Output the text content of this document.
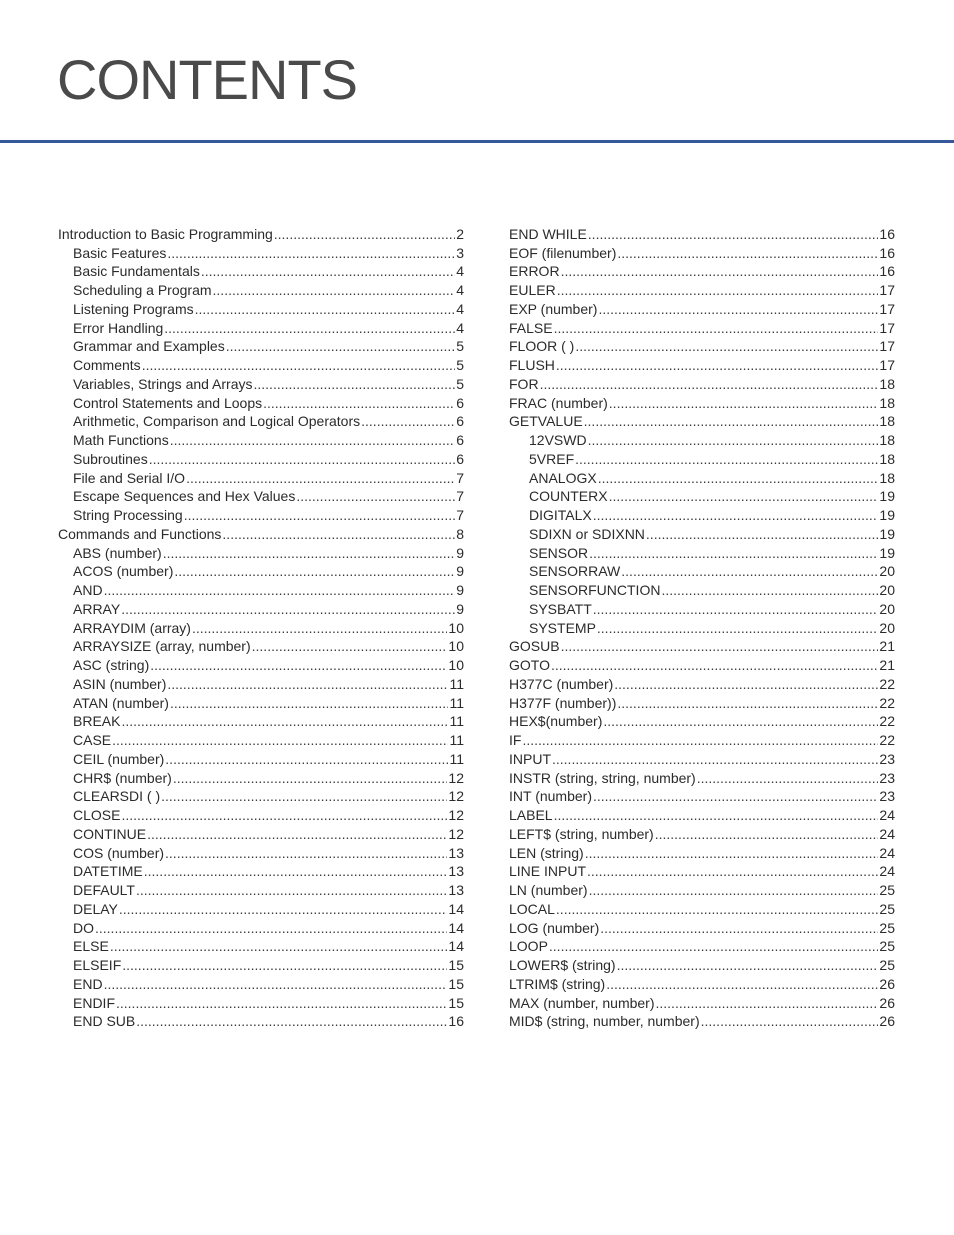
CONTENTS
Introduction to Basic Programming .....	2
Basic Features .....	3
Basic Fundamentals .....	4
Scheduling a Program .....	4
Listening Programs .....	4
Error Handling .....	4
Grammar and Examples .....	5
Comments .....	5
Variables, Strings and Arrays .....	5
Control Statements and Loops .....	6
Arithmetic, Comparison and Logical Operators .....	6
Math Functions .....	6
Subroutines .....	6
File and Serial I/O .....	7
Escape Sequences and Hex Values .....	7
String Processing .....	7
Commands and Functions .....	8
ABS (number) .....	9
ACOS (number) .....	9
AND .....	9
ARRAY .....	9
ARRAYDIM (array) .....	10
ARRAYSIZE (array, number) .....	10
ASC (string) .....	10
ASIN (number) .....	11
ATAN (number) .....	11
BREAK .....	11
CASE .....	11
CEIL (number) .....	11
CHR$ (number) .....	12
CLEARSDI ( ) .....	12
CLOSE .....	12
CONTINUE .....	12
COS (number) .....	13
DATETIME .....	13
DEFAULT .....	13
DELAY .....	14
DO .....	14
ELSE .....	14
ELSEIF .....	15
END .....	15
ENDIF .....	15
END SUB .....	16
END WHILE .....	16
EOF (filenumber) .....	16
ERROR .....	16
EULER .....	17
EXP (number) .....	17
FALSE .....	17
FLOOR ( ) .....	17
FLUSH .....	17
FOR .....	18
FRAC (number) .....	18
GETVALUE .....	18
12VSWD .....	18
5VREF .....	18
ANALOGX .....	18
COUNTERX .....	19
DIGITALX .....	19
SDIXN or SDIXNN .....	19
SENSOR .....	19
SENSORRAW .....	20
SENSORFUNCTION .....	20
SYSBATT .....	20
SYSTEMP .....	20
GOSUB .....	21
GOTO .....	21
H377C (number) .....	22
H377F (number)) .....	22
HEX$(number) .....	22
IF .....	22
INPUT .....	23
INSTR (string, string, number) .....	23
INT (number) .....	23
LABEL .....	24
LEFT$ (string, number) .....	24
LEN (string) .....	24
LINE INPUT .....	24
LN (number) .....	25
LOCAL .....	25
LOG (number) .....	25
LOOP .....	25
LOWER$ (string) .....	25
LTRIM$ (string) .....	26
MAX (number, number) .....	26
MID$ (string, number, number) .....	26
